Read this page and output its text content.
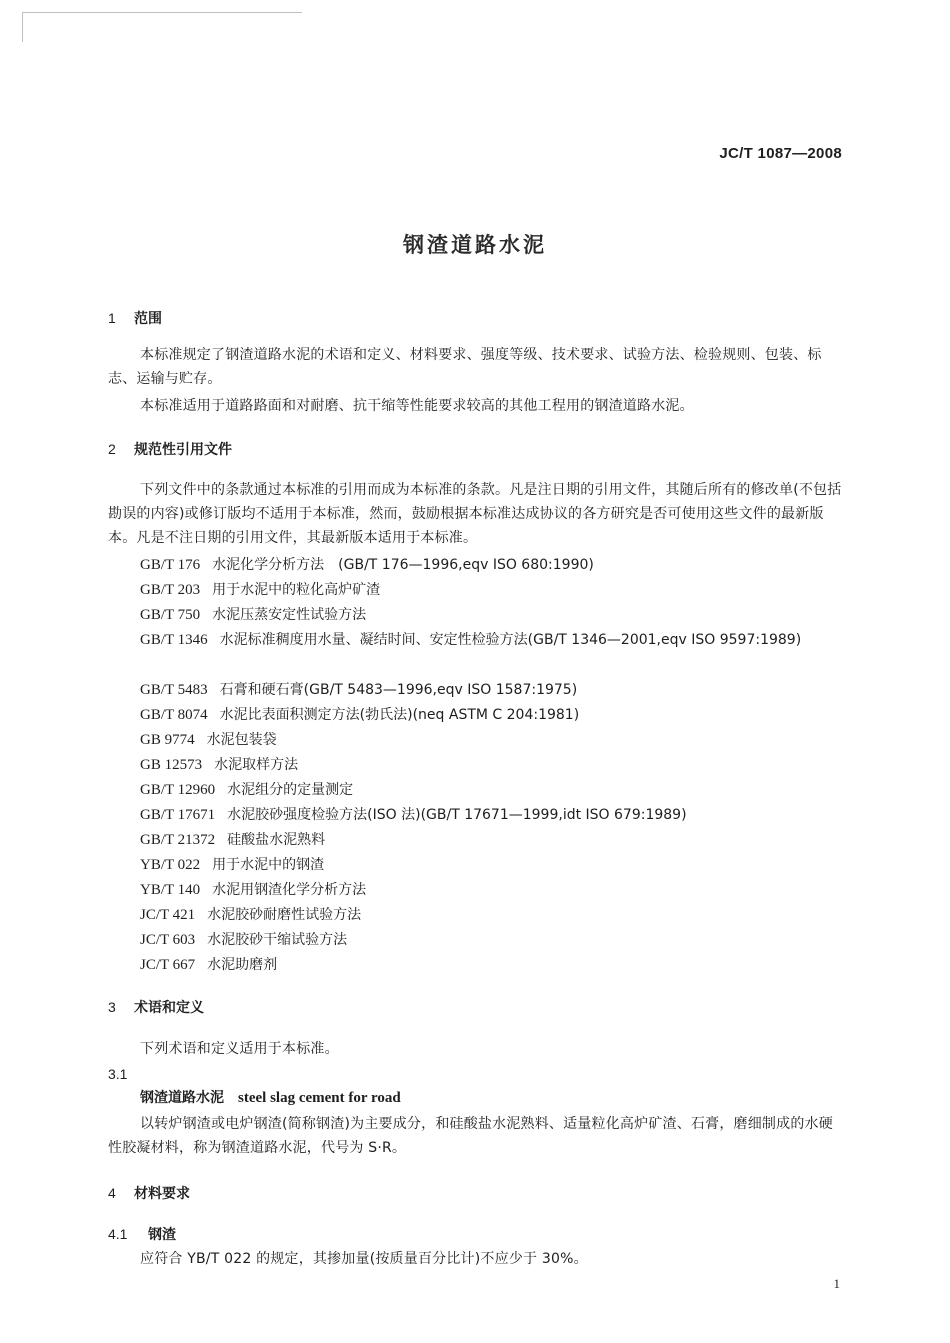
JC/T 1087—2008
钢渣道路水泥
1 范围
本标准规定了钢渣道路水泥的术语和定义、材料要求、强度等级、技术要求、试验方法、检验规则、包装、标志、运输与贮存。
本标准适用于道路路面和对耐磨、抗干缩等性能要求较高的其他工程用的钢渣道路水泥。
2 规范性引用文件
下列文件中的条款通过本标准的引用而成为本标准的条款。凡是注日期的引用文件，其随后所有的修改单(不包括勘误的内容)或修订版均不适用于本标准，然而，鼓励根据本标准达成协议的各方研究是否可使用这些文件的最新版本。凡是不注日期的引用文件，其最新版本适用于本标准。
GB/T 176 水泥化学分析方法　(GB/T 176—1996,eqv ISO 680:1990)
GB/T 203 用于水泥中的粒化高炉矿渣
GB/T 750 水泥压蒸安定性试验方法
GB/T 1346 水泥标准稠度用水量、凝结时间、安定性检验方法(GB/T 1346—2001,eqv ISO 9597:1989)
GB/T 5483 石膏和硬石膏(GB/T 5483—1996,eqv ISO 1587:1975)
GB/T 8074 水泥比表面积测定方法(勃氏法)(neq ASTM C 204:1981)
GB 9774 水泥包装袋
GB 12573 水泥取样方法
GB/T 12960 水泥组分的定量测定
GB/T 17671 水泥胶砂强度检验方法(ISO 法)(GB/T 17671—1999,idt ISO 679:1989)
GB/T 21372 硅酸盐水泥熟料
YB/T 022 用于水泥中的钢渣
YB/T 140 水泥用钢渣化学分析方法
JC/T 421 水泥胶砂耐磨性试验方法
JC/T 603 水泥胶砂干缩试验方法
JC/T 667 水泥助磨剂
3 术语和定义
下列术语和定义适用于本标准。
3.1
钢渣道路水泥 steel slag cement for road
以转炉钢渣或电炉钢渣(简称钢渣)为主要成分，和硅酸盐水泥熟料、适量粒化高炉矿渣、石膏，磨细制成的水硬性胶凝材料，称为钢渣道路水泥，代号为 S·R。
4 材料要求
4.1 钢渣
应符合 YB/T 022 的规定，其掺加量(按质量百分比计)不应少于 30%。
1
